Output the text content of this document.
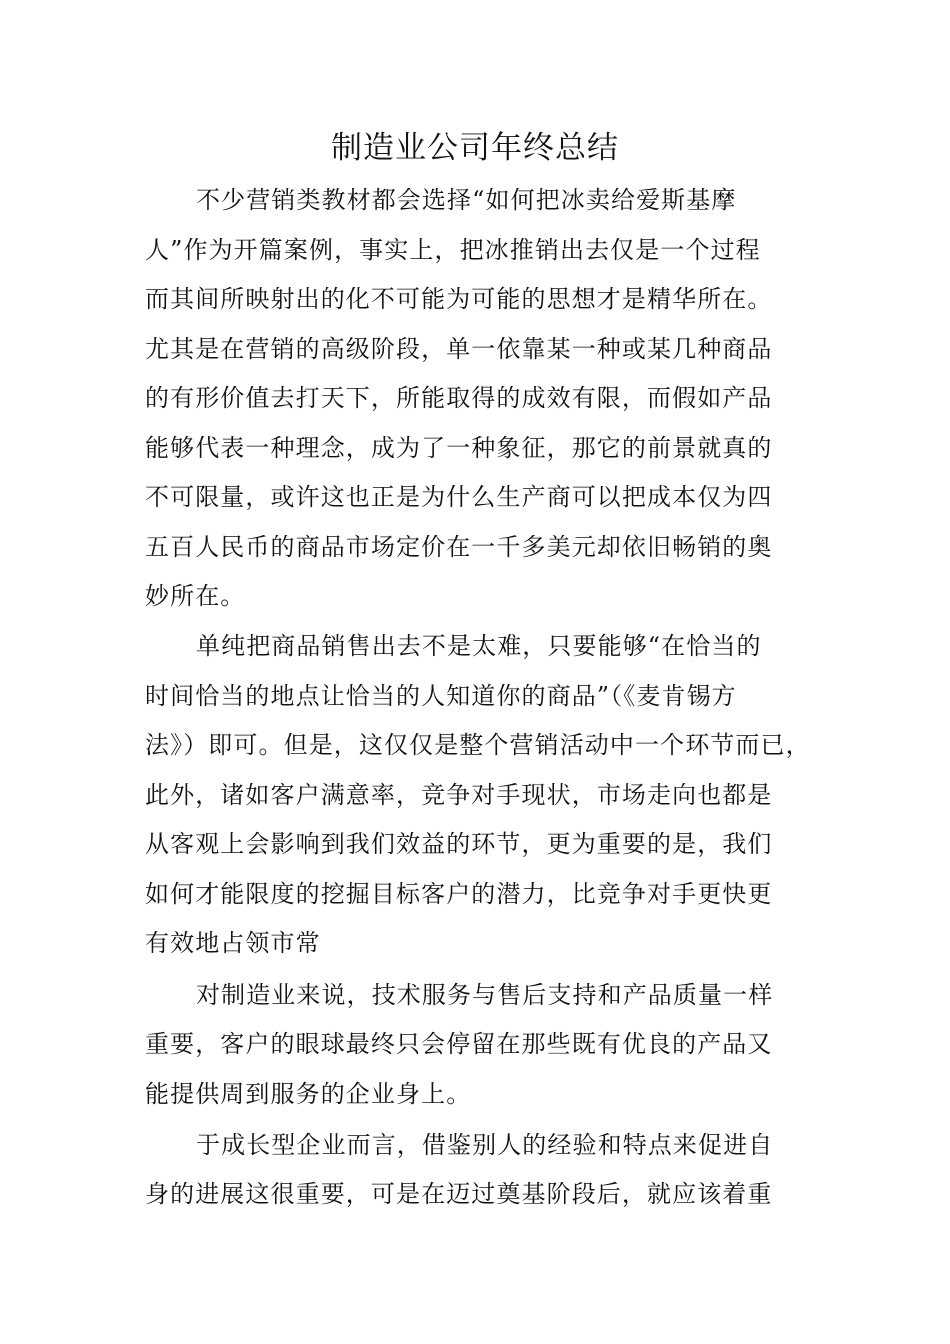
制造业公司年终总结
不少营销类教材都会选择“如何把冰卖给爱斯基摩
人”作为开篇案例，事实上，把冰推销出去仅是一个过程
而其间所映射出的化不可能为可能的思想才是精华所在。
尤其是在营销的高级阶段，单一依靠某一种或某几种商品
的有形价值去打天下，所能取得的成效有限，而假如产品
能够代表一种理念，成为了一种象征，那它的前景就真的
不可限量，或许这也正是为什么生产商可以把成本仅为四
五百人民币的商品市场定价在一千多美元却依旧畅销的奥
妙所在。
单纯把商品销售出去不是太难，只要能够“在恰当的
时间恰当的地点让恰当的人知道你的商品”（《麦肯锡方
法》）即可。但是，这仅仅是整个营销活动中一个环节而已，
此外，诸如客户满意率，竞争对手现状，市场走向也都是
从客观上会影响到我们效益的环节，更为重要的是，我们
如何才能限度的挖掘目标客户的潜力，比竞争对手更快更
有效地占领市常
对制造业来说，技术服务与售后支持和产品质量一样
重要，客户的眼球最终只会停留在那些既有优良的产品又
能提供周到服务的企业身上。
于成长型企业而言，借鉴别人的经验和特点来促进自
身的进展这很重要，可是在迈过奠基阶段后，就应该着重
